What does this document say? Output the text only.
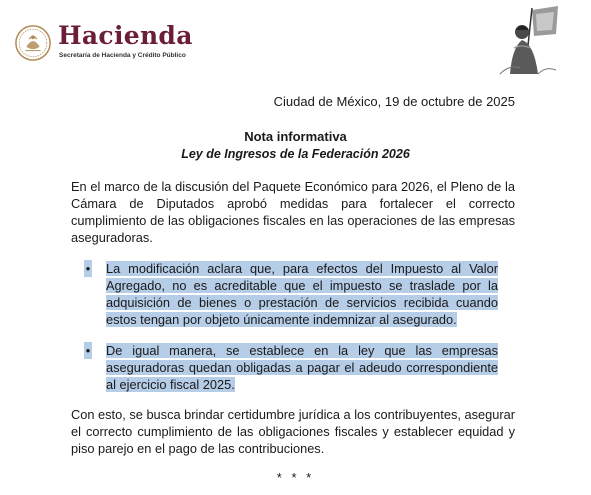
Hacienda
Secretaría de Hacienda y Crédito Público
Ciudad de México, 19 de octubre de 2025
Nota informativa
Ley de Ingresos de la Federación 2026

En el marco de la discusión del Paquete Económico para 2026, el Pleno de la Cámara de Diputados aprobó medidas para fortalecer el correcto cumplimiento de las obligaciones fiscales en las operaciones de las empresas aseguradoras.

• La modificación aclara que, para efectos del Impuesto al Valor Agregado, no es acreditable que el impuesto se traslade por la adquisición de bienes o prestación de servicios recibida cuando estos tengan por objeto únicamente indemnizar al asegurado.

• De igual manera, se establece en la ley que las empresas aseguradoras quedan obligadas a pagar el adeudo correspondiente al ejercicio fiscal 2025.

Con esto, se busca brindar certidumbre jurídica a los contribuyentes, asegurar el correcto cumplimiento de las obligaciones fiscales y establecer equidad y piso parejo en el pago de las contribuciones.

* * *
